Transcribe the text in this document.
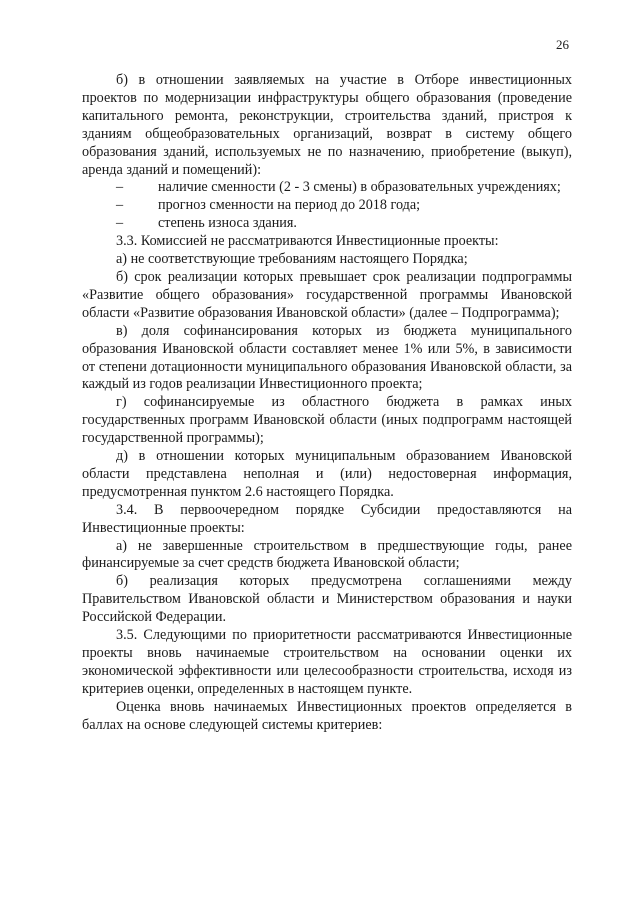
26

б) в отношении заявляемых на участие в Отборе инвестиционных проектов по модернизации инфраструктуры общего образования (проведение капитального ремонта, реконструкции, строительства зданий, пристроя к зданиям общеобразовательных организаций, возврат в систему общего образования зданий, используемых не по назначению, приобретение (выкуп), аренда зданий и помещений):

– наличие сменности (2 - 3 смены) в образовательных учреждениях;

– прогноз сменности на период до 2018 года;

– степень износа здания.

3.3. Комиссией не рассматриваются Инвестиционные проекты:

а) не соответствующие требованиям настоящего Порядка;

б) срок реализации которых превышает срок реализации подпрограммы «Развитие общего образования» государственной программы Ивановской области «Развитие образования Ивановской области» (далее – Подпрограмма);

в) доля софинансирования которых из бюджета муниципального образования Ивановской области составляет менее 1% или 5%, в зависимости от степени дотационности муниципального образования Ивановской области, за каждый из годов реализации Инвестиционного проекта;

г) софинансируемые из областного бюджета в рамках иных государственных программ Ивановской области (иных подпрограмм настоящей государственной программы);

д) в отношении которых муниципальным образованием Ивановской области представлена неполная и (или) недостоверная информация, предусмотренная пунктом 2.6 настоящего Порядка.

3.4. В первоочередном порядке Субсидии предоставляются на Инвестиционные проекты:

а) не завершенные строительством в предшествующие годы, ранее финансируемые за счет средств бюджета Ивановской области;

б) реализация которых предусмотрена соглашениями между Правительством Ивановской области и Министерством образования и науки Российской Федерации.

3.5. Следующими по приоритетности рассматриваются Инвестиционные проекты вновь начинаемые строительством на основании оценки их экономической эффективности или целесообразности строительства, исходя из критериев оценки, определенных в настоящем пункте.

Оценка вновь начинаемых Инвестиционных проектов определяется в баллах на основе следующей системы критериев:
